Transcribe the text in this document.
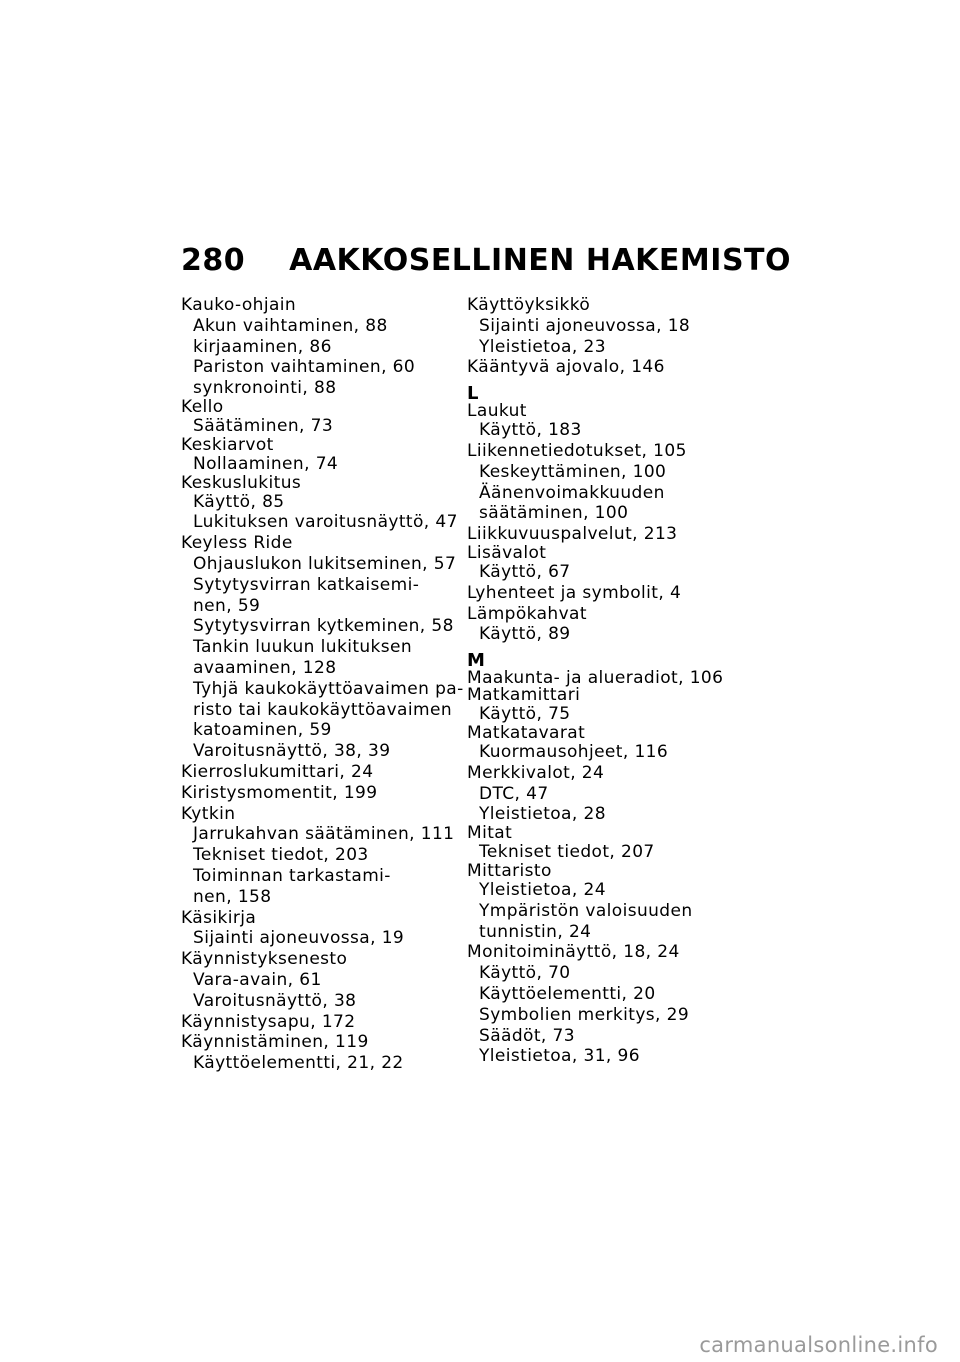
280 AAKKOSELLINEN HAKEMISTO
Kauko-ohjain
Akun vaihtaminen, 88
kirjaaminen, 86
Pariston vaihtaminen, 60
synkronointi, 88
Kello
Säätäminen, 73
Keskiarvot
Nollaaminen, 74
Keskuslukitus
Käyttö, 85
Lukituksen varoitusnäyttö, 47
Keyless Ride
Ohjauslukon lukitseminen, 57
Sytytysvirran katkaisemi-
nen, 59
Sytytysvirran kytkeminen, 58
Tankin luukun lukituksen
avaaminen, 128
Tyhjä kaukokäyttöavaimen pa-
risto tai kaukokäyttöavaimen
katoaminen, 59
Varoitusnäyttö, 38, 39
Kierroslukumittari, 24
Kiristysmomentit, 199
Kytkin
Jarrukahvan säätäminen, 111
Tekniset tiedot, 203
Toiminnan tarkastami-
nen, 158
Käsikirja
Sijainti ajoneuvossa, 19
Käynnistyksenesto
Vara-avain, 61
Varoitusnäyttö, 38
Käynnistysapu, 172
Käynnistäminen, 119
Käyttöelementti, 21, 22
Käyttöyksikkö
Sijainti ajoneuvossa, 18
Yleistietoa, 23
Kääntyvä ajovalo, 146
L
Laukut
Käyttö, 183
Liikennetiedotukset, 105
Keskeyttäminen, 100
Äänenvoimakkuuden
säätäminen, 100
Liikkuvuuspalvelut, 213
Lisävalot
Käyttö, 67
Lyhenteet ja symbolit, 4
Lämpökahvat
Käyttö, 89
M
Maakunta- ja alueradiot, 106
Matkamittari
Käyttö, 75
Matkatavarat
Kuormausohjeet, 116
Merkkivalot, 24
DTC, 47
Yleistietoa, 28
Mitat
Tekniset tiedot, 207
Mittaristo
Yleistietoa, 24
Ympäristön valoisuuden
tunnistin, 24
Monitoiminäyttö, 18, 24
Käyttö, 70
Käyttöelementti, 20
Symbolien merkitys, 29
Säädöt, 73
Yleistietoa, 31, 96
carmanualsonline.info
